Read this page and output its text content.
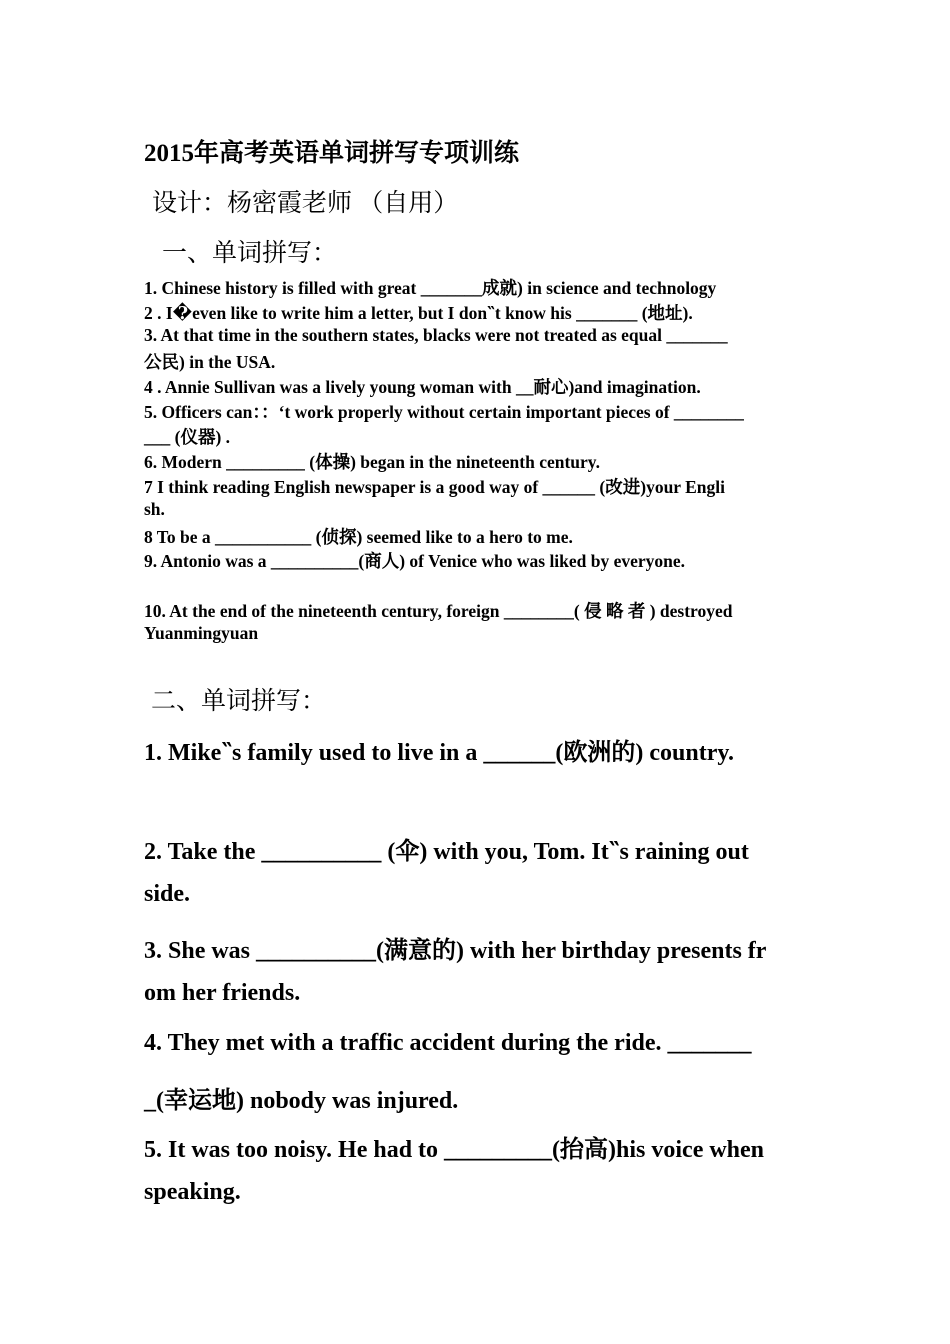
2015年高考英语单词拼写专项训练
设计：杨密霞老师 （自用）
一、单词拼写：
1. Chinese history is filled with great _______成就) in science and technology
2 . I�even like to write him a letter, but I don‶t know his _______ (地址).
3. At that time in the southern states, blacks were not treated as equal _______
公民) in the USA.
4 . Annie Sullivan was a lively young woman with __耐心)and imagination.
5. Officers can：：‘t work properly without certain important pieces of ________
___ (仪器) .
6. Modern _________ (体操) began in the nineteenth century.
7 I think reading English newspaper is a good way of ______ (改进)your Engli
sh.
8 To be a ___________ (侦探) seemed like to a hero to me.
9. Antonio was a __________(商人) of Venice who was liked by everyone.
10. At the end of the nineteenth century, foreign ________( 侵 略 者 ) destroyed
Yuanmingyuan
二、单词拼写：
1. Mike‶s family used to live in a ______(欧洲的) country.
2. Take the __________ (伞) with you, Tom. It‶s raining out
side.
3. She was __________(满意的) with her birthday presents fr
om her friends.
4. They met with a traffic accident during the ride. _______
_(幸运地) nobody was injured.
5. It was too noisy. He had to _________(抬高)his voice when
speaking.
